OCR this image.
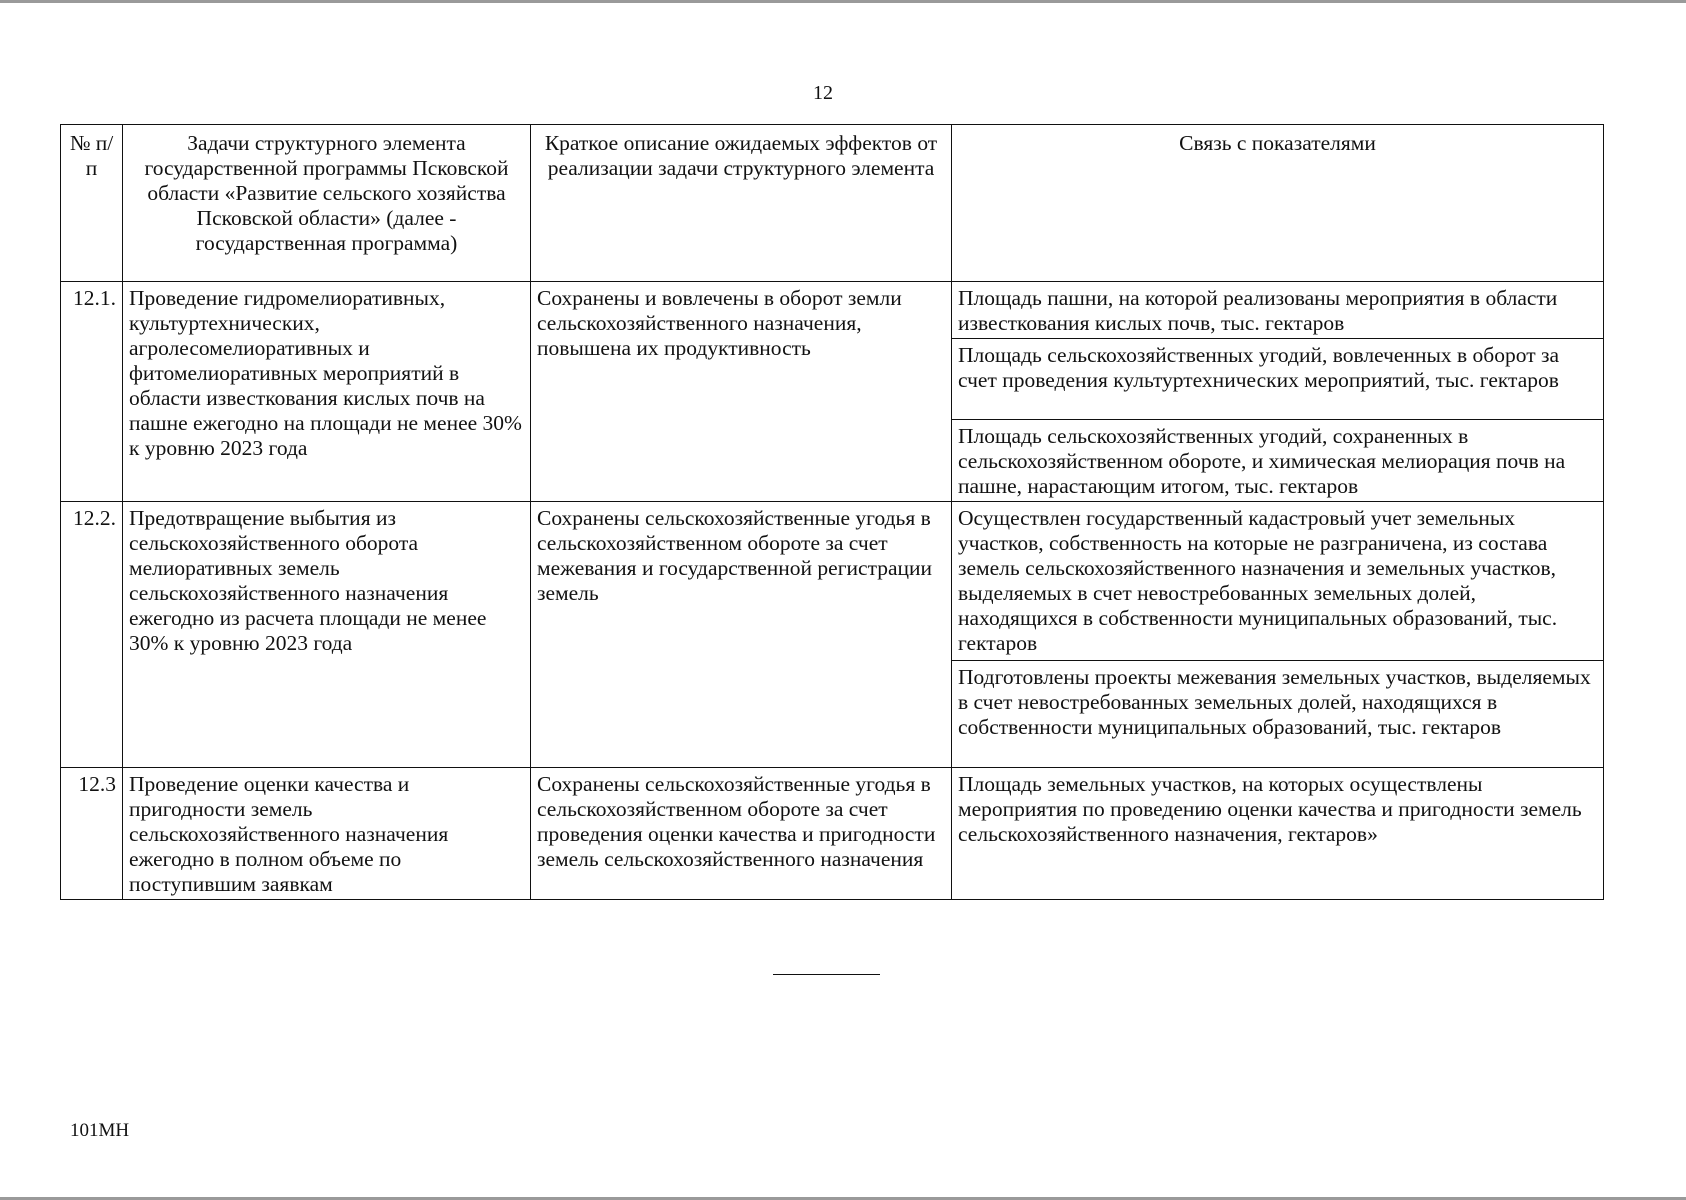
12
№ п/п	Задачи структурного элемента государственной программы Псковской области «Развитие сельского хозяйства Псковской области» (далее - государственная программа)	Краткое описание ожидаемых эффектов от реализации задачи структурного элемента	Связь с показателями
12.1.	Проведение гидромелиоративных, культуртехнических, агролесомелиоративных и фитомелиоративных мероприятий в области известкования кислых почв на пашне ежегодно на площади не менее 30% к уровню 2023 года	Сохранены и вовлечены в оборот земли сельскохозяйственного назначения, повышена их продуктивность	Площадь пашни, на которой реализованы мероприятия в области известкования кислых почв, тыс. гектаров
			Площадь сельскохозяйственных угодий, вовлеченных в оборот за счет проведения культуртехнических мероприятий, тыс. гектаров
			Площадь сельскохозяйственных угодий, сохраненных в сельскохозяйственном обороте, и химическая мелиорация почв на пашне, нарастающим итогом, тыс. гектаров
12.2.	Предотвращение выбытия из сельскохозяйственного оборота мелиоративных земель сельскохозяйственного назначения ежегодно из расчета площади не менее 30% к уровню 2023 года	Сохранены сельскохозяйственные угодья в сельскохозяйственном обороте за счет межевания и государственной регистрации земель	Осуществлен государственный кадастровый учет земельных участков, собственность на которые не разграничена, из состава земель сельскохозяйственного назначения и земельных участков, выделяемых в счет невостребованных земельных долей, находящихся в собственности муниципальных образований, тыс. гектаров
			Подготовлены проекты межевания земельных участков, выделяемых в счет невостребованных земельных долей, находящихся в собственности муниципальных образований, тыс. гектаров
12.3	Проведение оценки качества и пригодности земель сельскохозяйственного назначения ежегодно в полном объеме по поступившим заявкам	Сохранены сельскохозяйственные угодья в сельскохозяйственном обороте за счет проведения оценки качества и пригодности земель сельскохозяйственного назначения	Площадь земельных участков, на которых осуществлены мероприятия по проведению оценки качества и пригодности земель сельскохозяйственного назначения, гектаров»
101МН
